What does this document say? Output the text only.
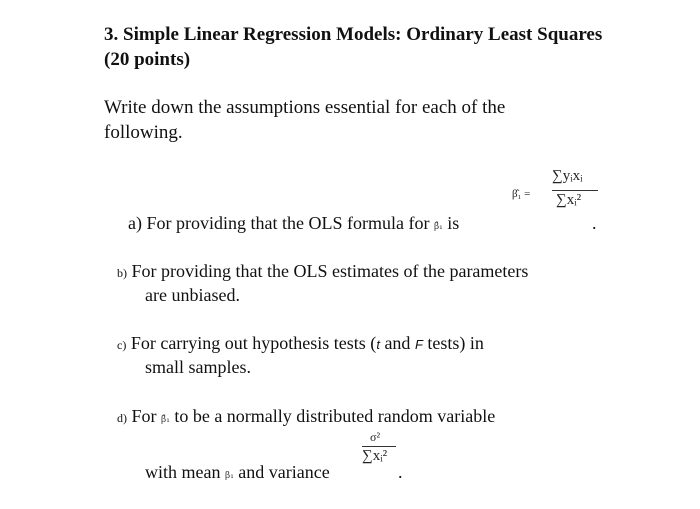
3. Simple Linear Regression Models: Ordinary Least Squares (20 points)
Write down the assumptions essential for each of the following.
β̂₁ =
∑yᵢxᵢ
∑xᵢ²
a) For providing that the OLS formula for β̂₁ is	.
b) For providing that the OLS estimates of the parameters
are unbiased.
c) For carrying out hypothesis tests (t and F tests) in
small samples.
d) For β̂₁ to be a normally distributed random variable
σ²
∑xᵢ²
with mean β₁ and variance	.
